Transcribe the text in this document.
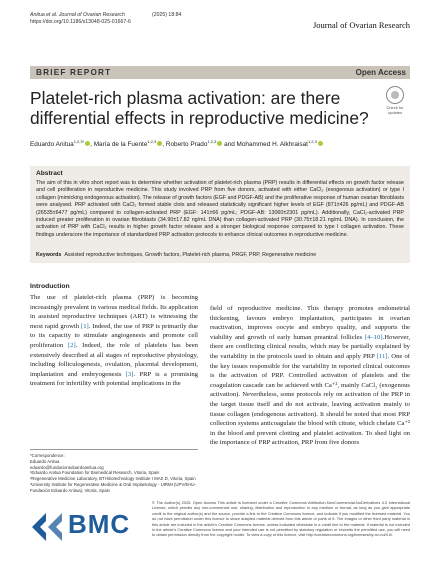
Anitua et al. Journal of Ovarian Research	(2025) 18:84
https://doi.org/10.1186/s13048-025-01667-6	Journal of Ovarian Research
BRIEF REPORT	Open Access
Platelet-rich plasma activation: are there differential effects in reproductive medicine?
Check for updates
Eduardo Anitua$^{1,2,3*}$ , María de la Fuente$^{1,2,3}$ , Roberto Prado$^{1,2,3}$ and Mohammed H. Alkhraisat$^{1,2,3}$
Abstract
The aim of this in vitro short report was to determine whether activation of platelet-rich plasma (PRP) results in differential effects on growth factor release and cell proliferation in reproductive medicine. This study involved PRP from five donors, activated with either CaCl₂ (exogenous activation) or type I collagen (mimicking endogenous activation). The release of growth factors (EGF and PDGF-AB) and the proliferative response of human ovarian fibroblasts were analysed. PRP activated with CaCl₂ formed stable clots and released statistically significant higher levels of EGF (871±426 pg/mL) and PDGF-AB (26535±6477 pg/mL) compared to collagen-activated PRP (EGF: 141±66 pg/mL; PDGF-AB: 13060±2301 pg/mL). Additionally, CaCl₂-activated PRP induced greater proliferation in ovarian fibroblasts (34.90±17.82 ng/mL DNA) than collagen-activated PRP (30.75±18.21 ng/mL DNA). In conclusion, the activation of PRP with CaCl₂ results in higher growth factor release and a stronger biological response compared to type I collagen activation. These findings underscore the importance of standardized PRP activation protocols to enhance clinical outcomes in reproductive medicine.
Keywords Assisted reproductive techniques, Growth factors, Platelet-rich plasma, PRGF, PRP, Regenerative medicine
Introduction
The use of platelet-rich plasma (PRP) is becoming increasingly prevalent in various medical fields. Its application in assisted reproductive techniques (ART) is witnessing the most rapid growth [1]. Indeed, the use of PRP is primarily due to its capacity to stimulate angiogenesis and promote cell proliferation [2]. Indeed, the role of platelets has been extensively described at all stages of reproductive physiology, including folliculogenesis, ovulation, placental development, implantation and embryogenesis [3]. PRP is a promising treatment for infertility with potential implications in the
field of reproductive medicine. This therapy promotes endometrial thickening, favours embryo implantation, participates in ovarian reactivation, improves oocyte and embryo quality, and supports the viability and growth of early human preantral follicles [4–10].However, there are conflicting clinical results, which may be partially explained by the variability in the protocols used to obtain and apply PRP [11]. One of the key issues responsible for the variability in reported clinical outcomes is the activation of PRP. Controlled activation of platelets and the coagulation cascade can be achieved with Ca⁺², mainly CaCl₂ (exogenous activation). Nevertheless, some protocols rely on activation of the PRP in the target tissue itself and do not activate, leaving activation mainly to tissue collagen (endogenous activation). It should be noted that most PRP collection systems anticoagulate the blood with citrate, which chelate Ca⁺² in the blood and prevent clotting and platelet activation. To shed light on the importance of PRP activation, PRP from five donors
*Correspondence:
Eduardo Anitua
eduardo@fundacioneduardoanitua.org
¹Eduardo Anitua Foundation for Biomedical Research, Vitoria, Spain
²Regenerative Medicine Laboratory, BTI-Biotechnology Institute I MAS D, Vitoria, Spain
³University Institute for Regenerative Medicine & Oral Implantology - UIRMI (UPV/EHU-Fundación Eduardo Anitua), Vitoria, Spain
BMC
© The Author(s) 2025. Open Access This article is licensed under a Creative Commons Attribution-NonCommercial-NoDerivatives 4.0 International License, which permits any non-commercial use, sharing, distribution and reproduction in any medium or format, as long as you give appropriate credit to the original author(s) and the source, provide a link to the Creative Commons licence, and indicate if you modified the licensed material. You do not have permission under this licence to share adapted material derived from this article or parts of it. The images or other third party material in this article are included in the article's Creative Commons licence, unless indicated otherwise in a credit line to the material. If material is not included in the article's Creative Commons licence and your intended use is not permitted by statutory regulation or exceeds the permitted use, you will need to obtain permission directly from the copyright holder. To view a copy of this licence, visit http://creativecommons.org/licenses/by-nc-nd/4.0/.
